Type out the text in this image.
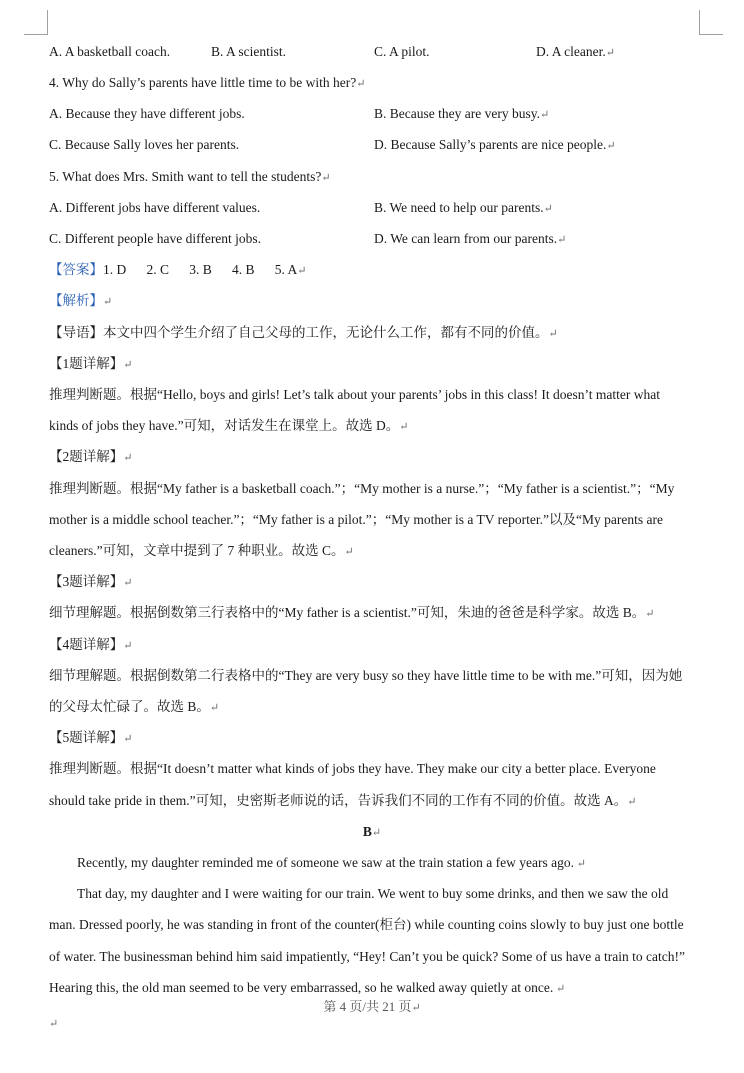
A. A basketball coach.	B. A scientist.	C. A pilot.	D. A cleaner.↵
4. Why do Sally’s parents have little time to be with her?↵
A. Because they have different jobs.	B. Because they are very busy.↵
C. Because Sally loves her parents.	D. Because Sally’s parents are nice people.↵
5. What does Mrs. Smith want to tell the students?↵
A. Different jobs have different values.	B. We need to help our parents.↵
C. Different people have different jobs.	D. We can learn from our parents.↵
【答案】1. D      2. C      3. B      4. B      5. A↵
【解析】↵
【导语】本文中四个学生介绍了自己父母的工作，无论什么工作，都有不同的价值。↵
【1题详解】↵
推理判断题。根据“Hello, boys and girls! Let’s talk about your parents’ jobs in this class! It doesn’t matter what
kinds of jobs they have.”可知，对话发生在课堂上。故选 D。↵
【2题详解】↵
推理判断题。根据“My father is a basketball coach.”；“My mother is a nurse.”；“My father is a scientist.”；“My
mother is a middle school teacher.”；“My father is a pilot.”；“My mother is a TV reporter.”以及“My parents are
cleaners.”可知，文章中提到了 7 种职业。故选 C。↵
【3题详解】↵
细节理解题。根据倒数第三行表格中的“My father is a scientist.”可知，朱迪的爸爸是科学家。故选 B。↵
【4题详解】↵
细节理解题。根据倒数第二行表格中的“They are very busy so they have little time to be with me.”可知，因为她
的父母太忙碌了。故选 B。↵
【5题详解】↵
推理判断题。根据“It doesn’t matter what kinds of jobs they have. They make our city a better place. Everyone
should take pride in them.”可知，史密斯老师说的话，告诉我们不同的工作有不同的价值。故选 A。↵
B↵
Recently, my daughter reminded me of someone we saw at the train station a few years ago. ↵
That day, my daughter and I were waiting for our train. We went to buy some drinks, and then we saw the old
man. Dressed poorly, he was standing in front of the counter(柜台) while counting coins slowly to buy just one bottle
of water. The businessman behind him said impatiently, “Hey! Can’t you be quick? Some of us have a train to catch!”
Hearing this, the old man seemed to be very embarrassed, so he walked away quietly at once. ↵
第 4 页/共 21 页↵
↵
